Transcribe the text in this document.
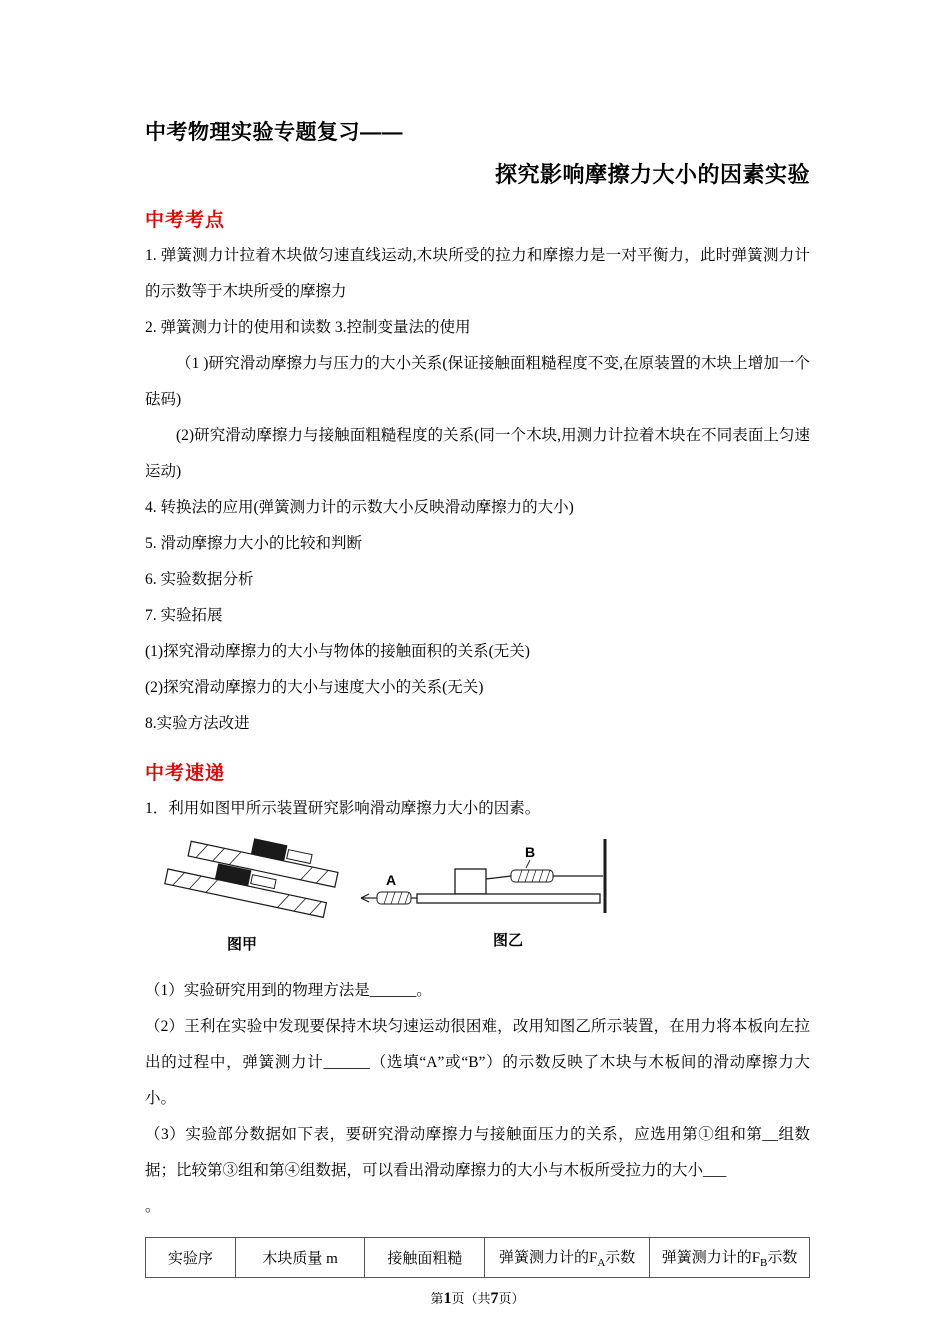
中考物理实验专题复习——
探究影响摩擦力大小的因素实验
中考考点
1. 弹簧测力计拉着木块做匀速直线运动,木块所受的拉力和摩擦力是一对平衡力，此时弹簧测力计的示数等于木块所受的摩擦力
2. 弹簧测力计的使用和读数 3.控制变量法的使用
（1 )研究滑动摩擦力与压力的大小关系(保证接触面粗糙程度不变,在原装置的木块上增加一个砝码)
(2)研究滑动摩擦力与接触面粗糙程度的关系(同一个木块,用测力计拉着木块在不同表面上匀速运动)
4. 转换法的应用(弹簧测力计的示数大小反映滑动摩擦力的大小)
5. 滑动摩擦力大小的比较和判断
6. 实验数据分析
7. 实验拓展
(1)探究滑动摩擦力的大小与物体的接触面积的关系(无关)
(2)探究滑动摩擦力的大小与速度大小的关系(无关)
8.实验方法改进
中考速递
1．利用如图甲所示装置研究影响滑动摩擦力大小的因素。
图甲
B
A
图乙
（1）实验研究用到的物理方法是______。
（2）王利在实验中发现要保持木块匀速运动很困难，改用知图乙所示装置，在用力将本板向左拉出的过程中，弹簧测力计______（选填“A”或“B”）的示数反映了木块与木板间的滑动摩擦力大小。
（3）实验部分数据如下表，要研究滑动摩擦力与接触面压力的关系，应选用第①组和第__组数据；比较第③组和第④组数据，可以看出滑动摩擦力的大小与木板所受拉力的大小___
。
实验序	木块质量 m	接触面粗糙	弹簧测力计的$F_A$示数	弹簧测力计的$F_B$示数
第1页（共7页）
